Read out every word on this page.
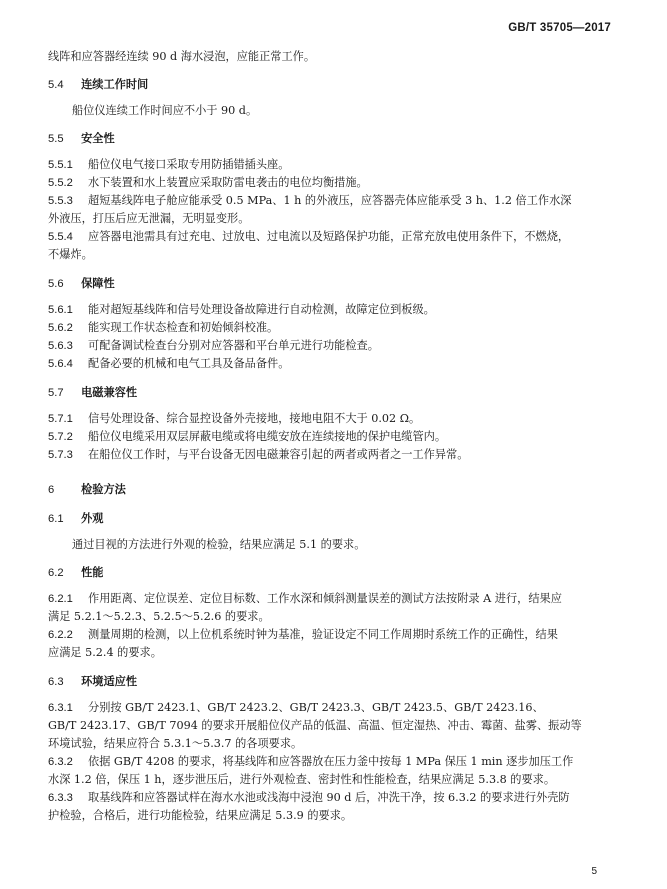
GB/T 35705—2017
线阵和应答器经连续 90 d 海水浸泡，应能正常工作。
5.4 连续工作时间
船位仪连续工作时间应不小于 90 d。
5.5 安全性
5.5.1 船位仪电气接口采取专用防插错插头座。
5.5.2 水下装置和水上装置应采取防雷电袭击的电位均衡措施。
5.5.3 超短基线阵电子舱应能承受 0.5 MPa、1 h 的外液压，应答器壳体应能承受 3 h、1.2 倍工作水深
外液压，打压后应无泄漏，无明显变形。
5.5.4 应答器电池需具有过充电、过放电、过电流以及短路保护功能，正常充放电使用条件下，不燃烧，
不爆炸。
5.6 保障性
5.6.1 能对超短基线阵和信号处理设备故障进行自动检测，故障定位到板级。
5.6.2 能实现工作状态检查和初始倾斜校准。
5.6.3 可配备调试检查台分别对应答器和平台单元进行功能检查。
5.6.4 配备必要的机械和电气工具及备品备件。
5.7 电磁兼容性
5.7.1 信号处理设备、综合显控设备外壳接地，接地电阻不大于 0.02 Ω。
5.7.2 船位仪电缆采用双层屏蔽电缆或将电缆安放在连续接地的保护电缆管内。
5.7.3 在船位仪工作时，与平台设备无因电磁兼容引起的两者或两者之一工作异常。
6 检验方法
6.1 外观
通过目视的方法进行外观的检验，结果应满足 5.1 的要求。
6.2 性能
6.2.1 作用距离、定位误差、定位目标数、工作水深和倾斜测量误差的测试方法按附录 A 进行，结果应
满足 5.2.1～5.2.3、5.2.5～5.2.6 的要求。
6.2.2 测量周期的检测，以上位机系统时钟为基准，验证设定不同工作周期时系统工作的正确性，结果
应满足 5.2.4 的要求。
6.3 环境适应性
6.3.1 分别按 GB/T 2423.1、GB/T 2423.2、GB/T 2423.3、GB/T 2423.5、GB/T 2423.16、
GB/T 2423.17、GB/T 7094 的要求开展船位仪产品的低温、高温、恒定湿热、冲击、霉菌、盐雾、振动等
环境试验，结果应符合 5.3.1～5.3.7 的各项要求。
6.3.2 依据 GB/T 4208 的要求，将基线阵和应答器放在压力釜中按每 1 MPa 保压 1 min 逐步加压工作
水深 1.2 倍，保压 1 h，逐步泄压后，进行外观检查、密封性和性能检查，结果应满足 5.3.8 的要求。
6.3.3 取基线阵和应答器试样在海水水池或浅海中浸泡 90 d 后，冲洗干净，按 6.3.2 的要求进行外壳防
护检验，合格后，进行功能检验，结果应满足 5.3.9 的要求。
5
